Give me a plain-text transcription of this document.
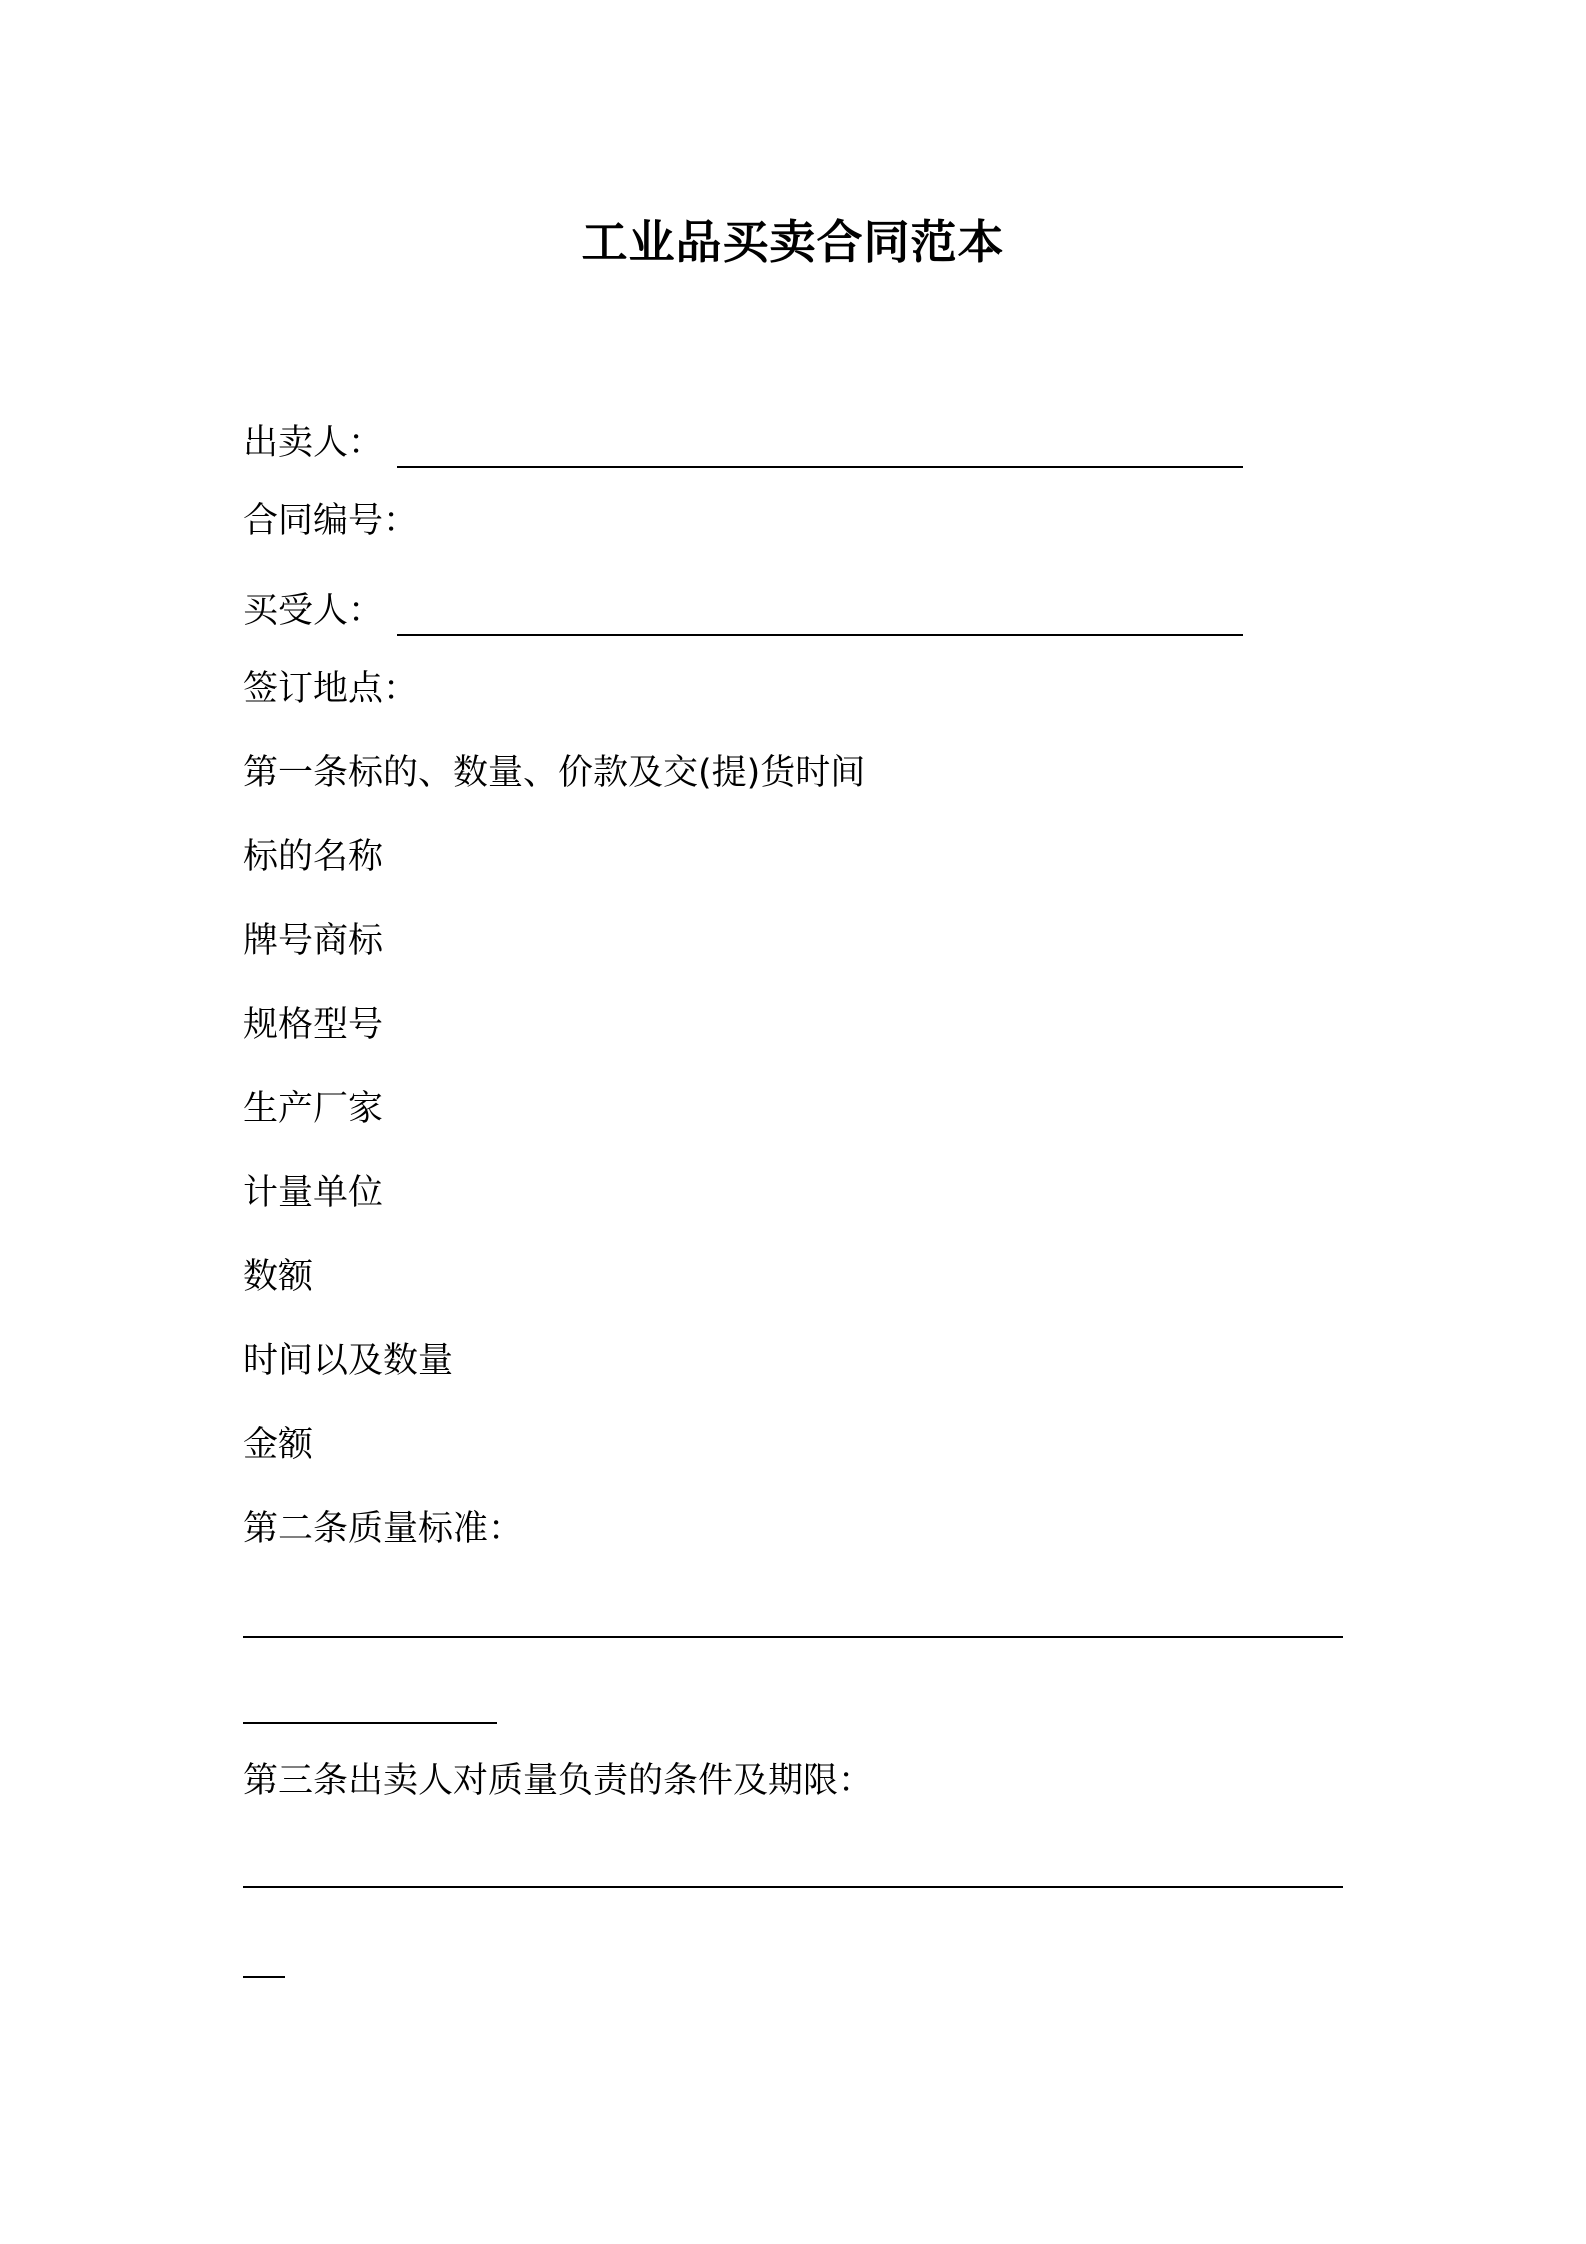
工业品买卖合同范本
出卖人：
合同编号：
买受人：
签订地点：
第一条标的、数量、价款及交(提)货时间
标的名称
牌号商标
规格型号
生产厂家
计量单位
数额
时间以及数量
金额
第二条质量标准：
第三条出卖人对质量负责的条件及期限：
